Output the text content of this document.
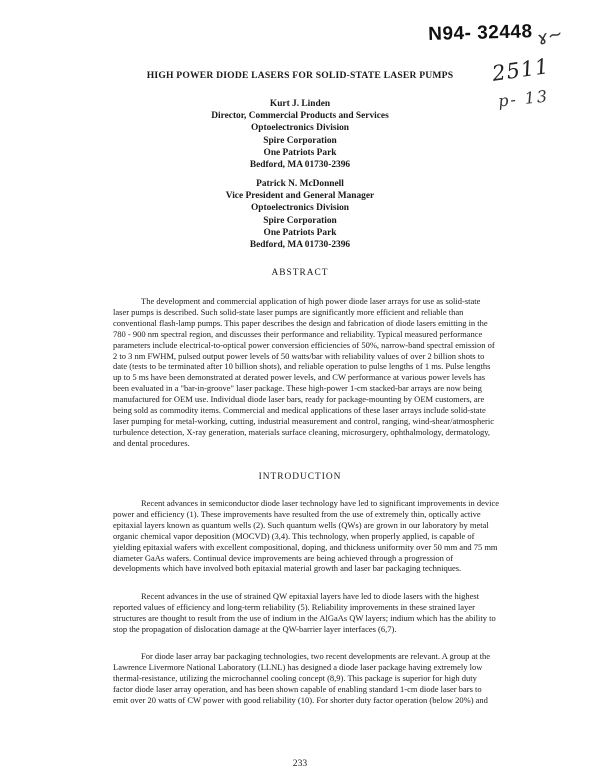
N94- 32448 ɤ~
2511
p- 13
HIGH POWER DIODE LASERS FOR SOLID-STATE LASER PUMPS
Kurt J. Linden
Director, Commercial Products and Services
Optoelectronics Division
Spire Corporation
One Patriots Park
Bedford, MA 01730-2396
Patrick N. McDonnell
Vice President and General Manager
Optoelectronics Division
Spire Corporation
One Patriots Park
Bedford, MA 01730-2396
ABSTRACT
The development and commercial application of high power diode laser arrays for use as solid-state
laser pumps is described. Such solid-state laser pumps are significantly more efficient and reliable than
conventional flash-lamp pumps. This paper describes the design and fabrication of diode lasers emitting in the
780 - 900 nm spectral region, and discusses their performance and reliability. Typical measured performance
parameters include electrical-to-optical power conversion efficiencies of 50%, narrow-band spectral emission of
2 to 3 nm FWHM, pulsed output power levels of 50 watts/bar with reliability values of over 2 billion shots to
date (tests to be terminated after 10 billion shots), and reliable operation to pulse lengths of 1 ms. Pulse lengths
up to 5 ms have been demonstrated at derated power levels, and CW performance at various power levels has
been evaluated in a "bar-in-groove" laser package. These high-power 1-cm stacked-bar arrays are now being
manufactured for OEM use. Individual diode laser bars, ready for package-mounting by OEM customers, are
being sold as commodity items. Commercial and medical applications of these laser arrays include solid-state
laser pumping for metal-working, cutting, industrial measurement and control, ranging, wind-shear/atmospheric
turbulence detection, X-ray generation, materials surface cleaning, microsurgery, ophthalmology, dermatology,
and dental procedures.
INTRODUCTION
Recent advances in semiconductor diode laser technology have led to significant improvements in device
power and efficiency (1). These improvements have resulted from the use of extremely thin, optically active
epitaxial layers known as quantum wells (2). Such quantum wells (QWs) are grown in our laboratory by metal
organic chemical vapor deposition (MOCVD) (3,4). This technology, when properly applied, is capable of
yielding epitaxial wafers with excellent compositional, doping, and thickness uniformity over 50 mm and 75 mm
diameter GaAs wafers. Continual device improvements are being achieved through a progression of
developments which have involved both epitaxial material growth and laser bar packaging techniques.
Recent advances in the use of strained QW epitaxial layers have led to diode lasers with the highest
reported values of efficiency and long-term reliability (5). Reliability improvements in these strained layer
structures are thought to result from the use of indium in the AlGaAs QW layers; indium which has the ability to
stop the propagation of dislocation damage at the QW-barrier layer interfaces (6,7).
For diode laser array bar packaging technologies, two recent developments are relevant. A group at the
Lawrence Livermore National Laboratory (LLNL) has designed a diode laser package having extremely low
thermal-resistance, utilizing the microchannel cooling concept (8,9). This package is superior for high duty
factor diode laser array operation, and has been shown capable of enabling standard 1-cm diode laser bars to
emit over 20 watts of CW power with good reliability (10). For shorter duty factor operation (below 20%) and
233
